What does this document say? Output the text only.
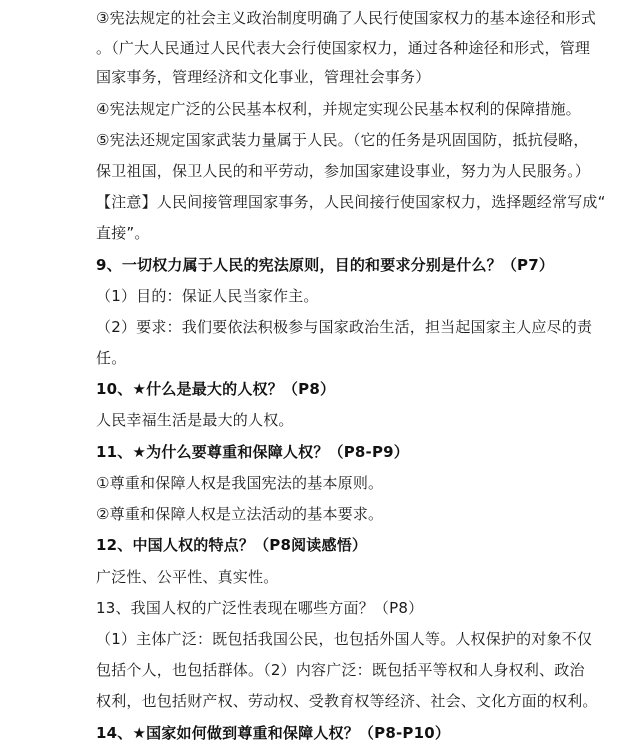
③宪法规定的社会主义政治制度明确了人民行使国家权力的基本途径和形式
。（广大人民通过人民代表大会行使国家权力，通过各种途径和形式，管理
国家事务，管理经济和文化事业，管理社会事务）
④宪法规定广泛的公民基本权利，并规定实现公民基本权利的保障措施。
⑤宪法还规定国家武装力量属于人民。（它的任务是巩固国防，抵抗侵略，
保卫祖国，保卫人民的和平劳动，参加国家建设事业，努力为人民服务。）
【注意】人民间接管理国家事务，人民间接行使国家权力，选择题经常写成“
直接”。
9、一切权力属于人民的宪法原则，目的和要求分别是什么？（P7）
（1）目的：保证人民当家作主。
（2）要求：我们要依法积极参与国家政治生活，担当起国家主人应尽的责
任。
10、★什么是最大的人权？（P8）
人民幸福生活是最大的人权。
11、★为什么要尊重和保障人权？（P8-P9）
①尊重和保障人权是我国宪法的基本原则。
②尊重和保障人权是立法活动的基本要求。
12、中国人权的特点？（P8阅读感悟）
广泛性、公平性、真实性。
13、我国人权的广泛性表现在哪些方面？（P8）
（1）主体广泛：既包括我国公民，也包括外国人等。人权保护的对象不仅
包括个人，也包括群体。（2）内容广泛：既包括平等权和人身权利、政治
权利，也包括财产权、劳动权、受教育权等经济、社会、文化方面的权利。
14、★国家如何做到尊重和保障人权？（P8-P10）
